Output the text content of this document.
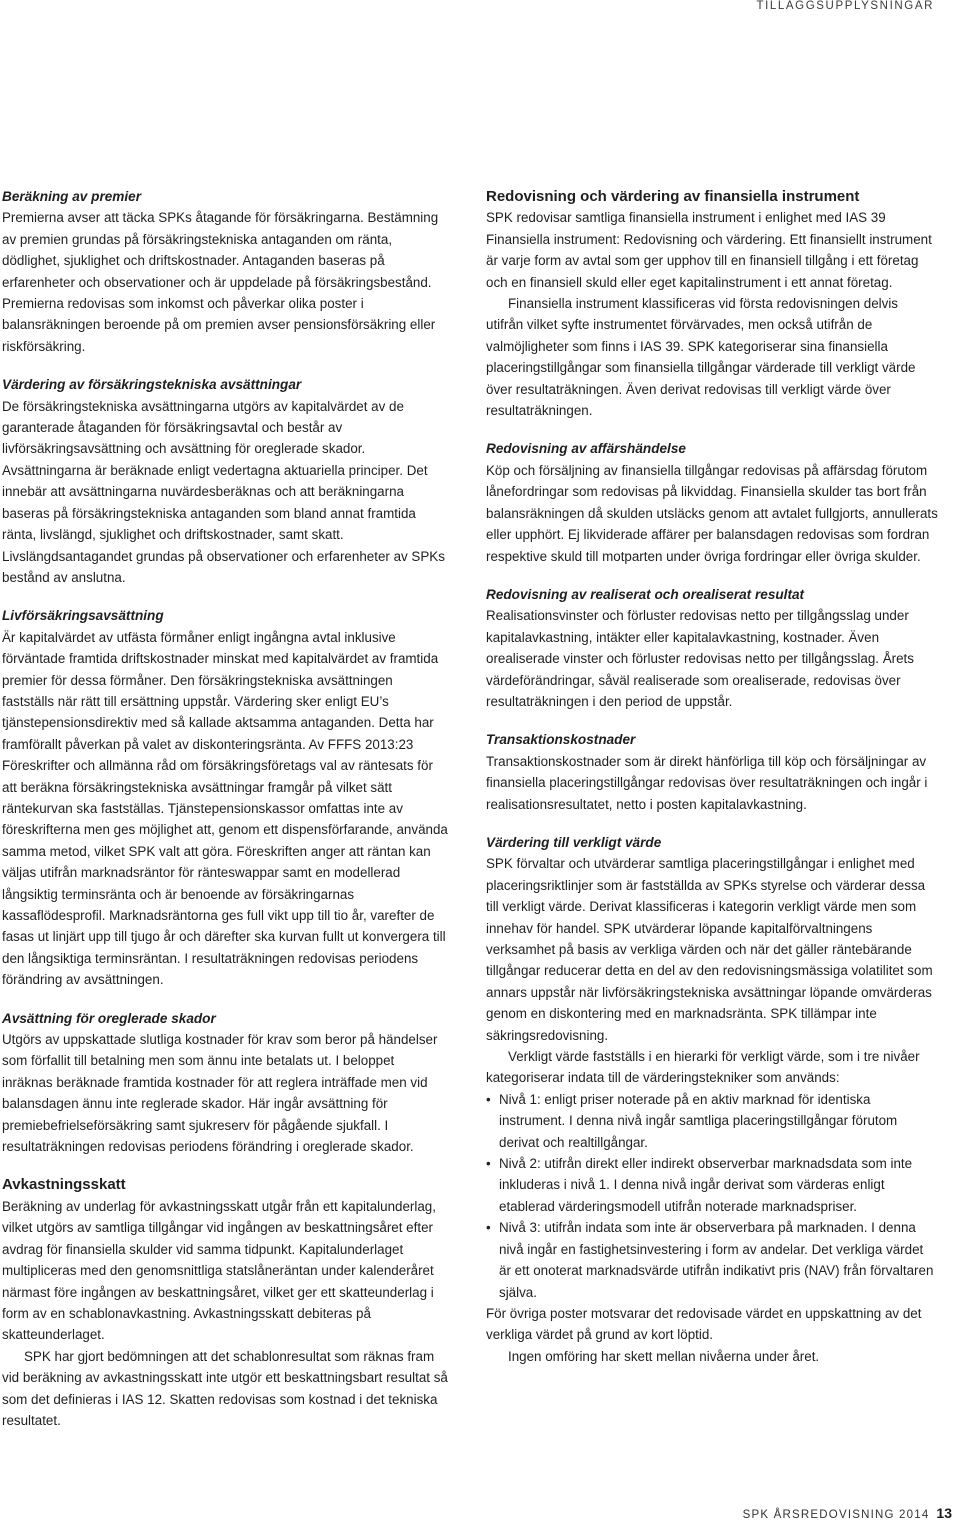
TILLÄGGSUPPLYSNINGAR

Beräkning av premier

Premierna avser att täcka SPKs åtagande för försäkringarna. Bestämning av premien grundas på försäkringstekniska antaganden om ränta, dödlighet, sjuklighet och driftskostnader. Antaganden baseras på erfarenheter och observationer och är uppdelade på försäkringsbestånd. Premierna redovisas som inkomst och påverkar olika poster i balansräkningen beroende på om premien avser pensionsförsäkring eller riskförsäkring.

Värdering av försäkringstekniska avsättningar

De försäkringstekniska avsättningarna utgörs av kapitalvärdet av de garanterade åtaganden för försäkringsavtal och består av livförsäkringsavsättning och avsättning för oreglerade skador. Avsättningarna är beräknade enligt vedertagna aktuariella principer. Det innebär att avsättningarna nuvärdesberäknas och att beräkningarna baseras på försäkringstekniska antaganden som bland annat framtida ränta, livslängd, sjuklighet och driftskostnader, samt skatt. Livslängdsantagandet grundas på observationer och erfarenheter av SPKs bestånd av anslutna.

Livförsäkringsavsättning

Är kapitalvärdet av utfästa förmåner enligt ingångna avtal inklusive förväntade framtida driftskostnader minskat med kapitalvärdet av framtida premier för dessa förmåner. Den försäkringstekniska avsättningen fastställs när rätt till ersättning uppstår. Värdering sker enligt EU’s tjänstepensionsdirektiv med så kallade aktsamma antaganden. Detta har framförallt påverkan på valet av diskonteringsränta. Av FFFS 2013:23 Föreskrifter och allmänna råd om försäkringsföretags val av räntesats för att beräkna försäkringstekniska avsättningar framgår på vilket sätt räntekurvan ska fastställas. Tjänstepensionskassor omfattas inte av föreskrifterna men ges möjlighet att, genom ett dispensförfarande, använda samma metod, vilket SPK valt att göra. Föreskriften anger att räntan kan väljas utifrån marknadsräntor för ränteswappar samt en modellerad långsiktig terminsränta och är benoende av försäkringarnas kassaflödesprofil. Marknadsräntorna ges full vikt upp till tio år, varefter de fasas ut linjärt upp till tjugo år och därefter ska kurvan fullt ut konvergera till den långsiktiga terminsräntan. I resultaträkningen redovisas periodens förändring av avsättningen.

Avsättning för oreglerade skador

Utgörs av uppskattade slutliga kostnader för krav som beror på händelser som förfallit till betalning men som ännu inte betalats ut. I beloppet inräknas beräknade framtida kostnader för att reglera inträffade men vid balansdagen ännu inte reglerade skador. Här ingår avsättning för premiebefrielseförsäkring samt sjukreserv för pågående sjukfall. I resultaträkningen redovisas periodens förändring i oreglerade skador.

Avkastningsskatt

Beräkning av underlag för avkastningsskatt utgår från ett kapitalunderlag, vilket utgörs av samtliga tillgångar vid ingången av beskattningsåret efter avdrag för finansiella skulder vid samma tidpunkt. Kapitalunderlaget multipliceras med den genomsnittliga statslåneräntan under kalenderåret närmast före ingången av beskattningsåret, vilket ger ett skatteunderlag i form av en schablonavkastning. Avkastningsskatt debiteras på skatteunderlaget.

SPK har gjort bedömningen att det schablonresultat som räknas fram vid beräkning av avkastningsskatt inte utgör ett beskattningsbart resultat så som det definieras i IAS 12. Skatten redovisas som kostnad i det tekniska resultatet.

Redovisning och värdering av finansiella instrument

SPK redovisar samtliga finansiella instrument i enlighet med IAS 39 Finansiella instrument: Redovisning och värdering. Ett finansiellt instrument är varje form av avtal som ger upphov till en finansiell tillgång i ett företag och en finansiell skuld eller eget kapitalinstrument i ett annat företag.

Finansiella instrument klassificeras vid första redovisningen delvis utifrån vilket syfte instrumentet förvärvades, men också utifrån de valmöjligheter som finns i IAS 39. SPK kategoriserar sina finansiella placeringstillgångar som finansiella tillgångar värderade till verkligt värde över resultaträkningen. Även derivat redovisas till verkligt värde över resultaträkningen.

Redovisning av affärshändelse

Köp och försäljning av finansiella tillgångar redovisas på affärsdag förutom lånefordringar som redovisas på likviddag. Finansiella skulder tas bort från balansräkningen då skulden utsläcks genom att avtalet fullgjorts, annullerats eller upphört. Ej likviderade affärer per balansdagen redovisas som fordran respektive skuld till motparten under övriga fordringar eller övriga skulder.

Redovisning av realiserat och orealiserat resultat

Realisationsvinster och förluster redovisas netto per tillgångsslag under kapitalavkastning, intäkter eller kapitalavkastning, kostnader. Även orealiserade vinster och förluster redovisas netto per tillgångsslag. Årets värdeförändringar, såväl realiserade som orealiserade, redovisas över resultaträkningen i den period de uppstår.

Transaktionskostnader

Transaktionskostnader som är direkt hänförliga till köp och försäljningar av finansiella placeringstillgångar redovisas över resultaträkningen och ingår i realisationsresultatet, netto i posten kapitalavkastning.

Värdering till verkligt värde

SPK förvaltar och utvärderar samtliga placeringstillgångar i enlighet med placeringsriktlinjer som är fastställda av SPKs styrelse och värderar dessa till verkligt värde. Derivat klassificeras i kategorin verkligt värde men som innehav för handel. SPK utvärderar löpande kapitalförvaltningens verksamhet på basis av verkliga värden och när det gäller räntebärande tillgångar reducerar detta en del av den redovisningsmässiga volatilitet som annars uppstår när livförsäkringstekniska avsättningar löpande omvärderas genom en diskontering med en marknadsränta. SPK tillämpar inte säkringsredovisning.

Verkligt värde fastställs i en hierarki för verkligt värde, som i tre nivåer kategoriserar indata till de värderingstekniker som används:

• Nivå 1: enligt priser noterade på en aktiv marknad för identiska instrument. I denna nivå ingår samtliga placeringstillgångar förutom derivat och realtillgångar.
• Nivå 2: utifrån direkt eller indirekt observerbar marknadsdata som inte inkluderas i nivå 1. I denna nivå ingår derivat som värderas enligt etablerad värderingsmodell utifrån noterade marknadspriser.
• Nivå 3: utifrån indata som inte är observerbara på marknaden. I denna nivå ingår en fastighetsinvestering i form av andelar. Det verkliga värdet är ett onoterat marknadsvärde utifrån indikativt pris (NAV) från förvaltaren själva.

För övriga poster motsvarar det redovisade värdet en uppskattning av det verkliga värdet på grund av kort löptid.

Ingen omföring har skett mellan nivåerna under året.

SPK ÅRSREDOVISNING 2014 13
